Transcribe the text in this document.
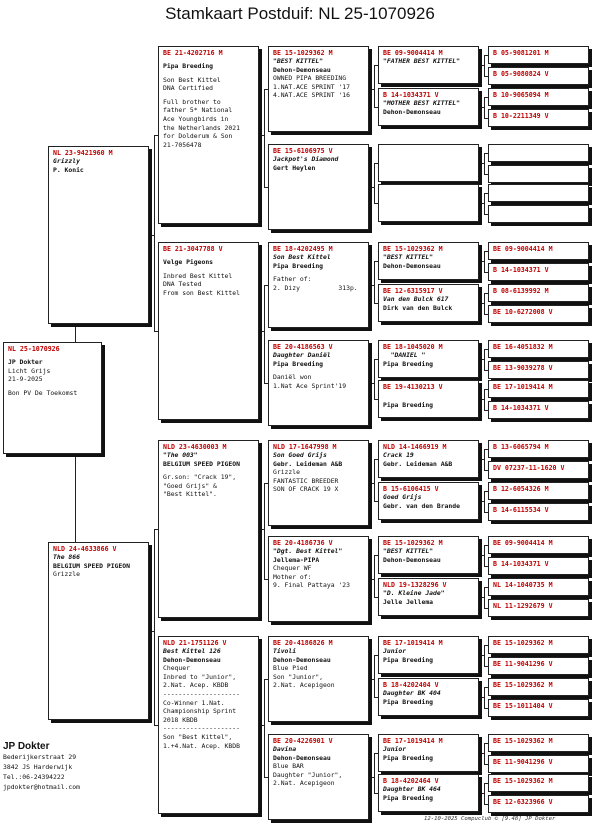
Stamkaart Postduif: NL 25-1070926
NL 25-1070926
JP Dokter
Licht Grijs
21-9-2025
Bon PV De Toekomst
NL 23-9421960 M
Grizzly
P. Konic
NLD 24-4633866 V
The 866
BELGIUM SPEED PIGEON
Grizzle
BE 21-4202716 M
Pipa Breeding
Son Best Kittel
DNA Certified
Full brother to
father 5* National
Ace Youngbirds in
the Netherlands 2021
for Dolderum & Son
21-7056478
BE 21-3047788 V
Velge Pigeons
Inbred Best Kittel
DNA Tested
From son Best Kittel
NLD 23-4630003 M
"The 003"
BELGIUM SPEED PIGEON
Gr.son: "Crack 19",
"Goed Grijs" &
"Best Kittel".
NLD 21-1751126 V
Best Kittel 126
Dehon-Demonseau
Chequer
Inbred to "Junior",
2.Nat. Acep. KBDB
--------------------
Co-Winner 1.Nat.
Championship Sprint
2018 KBDB
--------------------
Son "Best Kittel",
1.+4.Nat. Acep. KBDB
BE 15-1029362 M
"BEST KITTEL"
Dehon-Demonseau
OWNED PIPA BREEDING
1.NAT.ACE SPRINT '17
4.NAT.ACE SPRINT '16
BE 15-6106975 V
Jackpot's Diamond
Gert Heylen
BE 18-4202495 M
Son Best Kittel
Pipa Breeding
Father of:
2. Dizy          313p.
BE 20-4186563 V
Daughter Daniël
Pipa Breeding
Daniël won
1.Nat Ace Sprint'19
NLD 17-1647998 M
Son Goed Grijs
Gebr. Leideman A&B
Grizzle
FANTASTIC BREEDER
SON OF CRACK 19 X
BE 20-4186736 V
"Dgt. Best Kittel"
Jellema-PIPA
Chequer WF
Mother of:
9. Final Pattaya '23
BE 20-4186826 M
Tivoli
Dehon-Demonseau
Blue Pied
Son "Junior",
2.Nat. Acepigeon
BE 20-4226901 V
Davina
Dehon-Demonseau
Blue BAR
Daughter "Junior",
2.Nat. Acepigeon
BE 09-9004414 M
"FATHER BEST KITTEL"
B 14-1034371 V
"MOTHER BEST KITTEL"
Dehon-Demonseau
BE 15-1029362 M
"BEST KITTEL"
Dehon-Demonseau
BE 12-6315917 V
Van den Bulck 617
Dirk van den Bulck
BE 18-1045020 M
"DANIEL "
Pipa Breeding
BE 19-4130213 V
Pipa Breeding
NLD 14-1466919 M
Crack 19
Gebr. Leideman A&B
B 15-6106415 V
Goed Grijs
Gebr. van den Brande
BE 15-1029362 M
"BEST KITTEL"
Dehon-Demonseau
NLD 19-1328296 V
"D. Kleine Jade"
Jelle Jellema
BE 17-1019414 M
Junior
Pipa Breeding
B 18-4202404 V
Daughter BK 404
Pipa Breeding
BE 17-1019414 M
Junior
Pipa Breeding
B 18-4202464 V
Daughter BK 464
Pipa Breeding
B 05-9081201 M
B 05-9080824 V
B 10-9065094 M
B 10-2211349 V
BE 09-9004414 M
B 14-1034371 V
B 08-6139992 M
BE 10-6272008 V
BE 16-4051832 M
BE 13-9039278 V
BE 17-1019414 M
B 14-1034371 V
B 13-6065794 M
DV 07237-11-1620 V
B 12-6054326 M
B 14-6115534 V
BE 09-9004414 M
B 14-1034371 V
NL 14-1040735 M
NL 11-1292679 V
BE 15-1029362 M
BE 11-9041296 V
BE 15-1029362 M
BE 15-1011404 V
BE 15-1029362 M
BE 11-9041296 V
BE 15-1029362 M
BE 12-6323966 V
JP Dokter
Bederijkerstraat 29
3842 JS Harderwijk
Tel.:06-24394222
jpdokter@hotmail.com
12-10-2025 Compuclub © [9.48] JP Dokter
